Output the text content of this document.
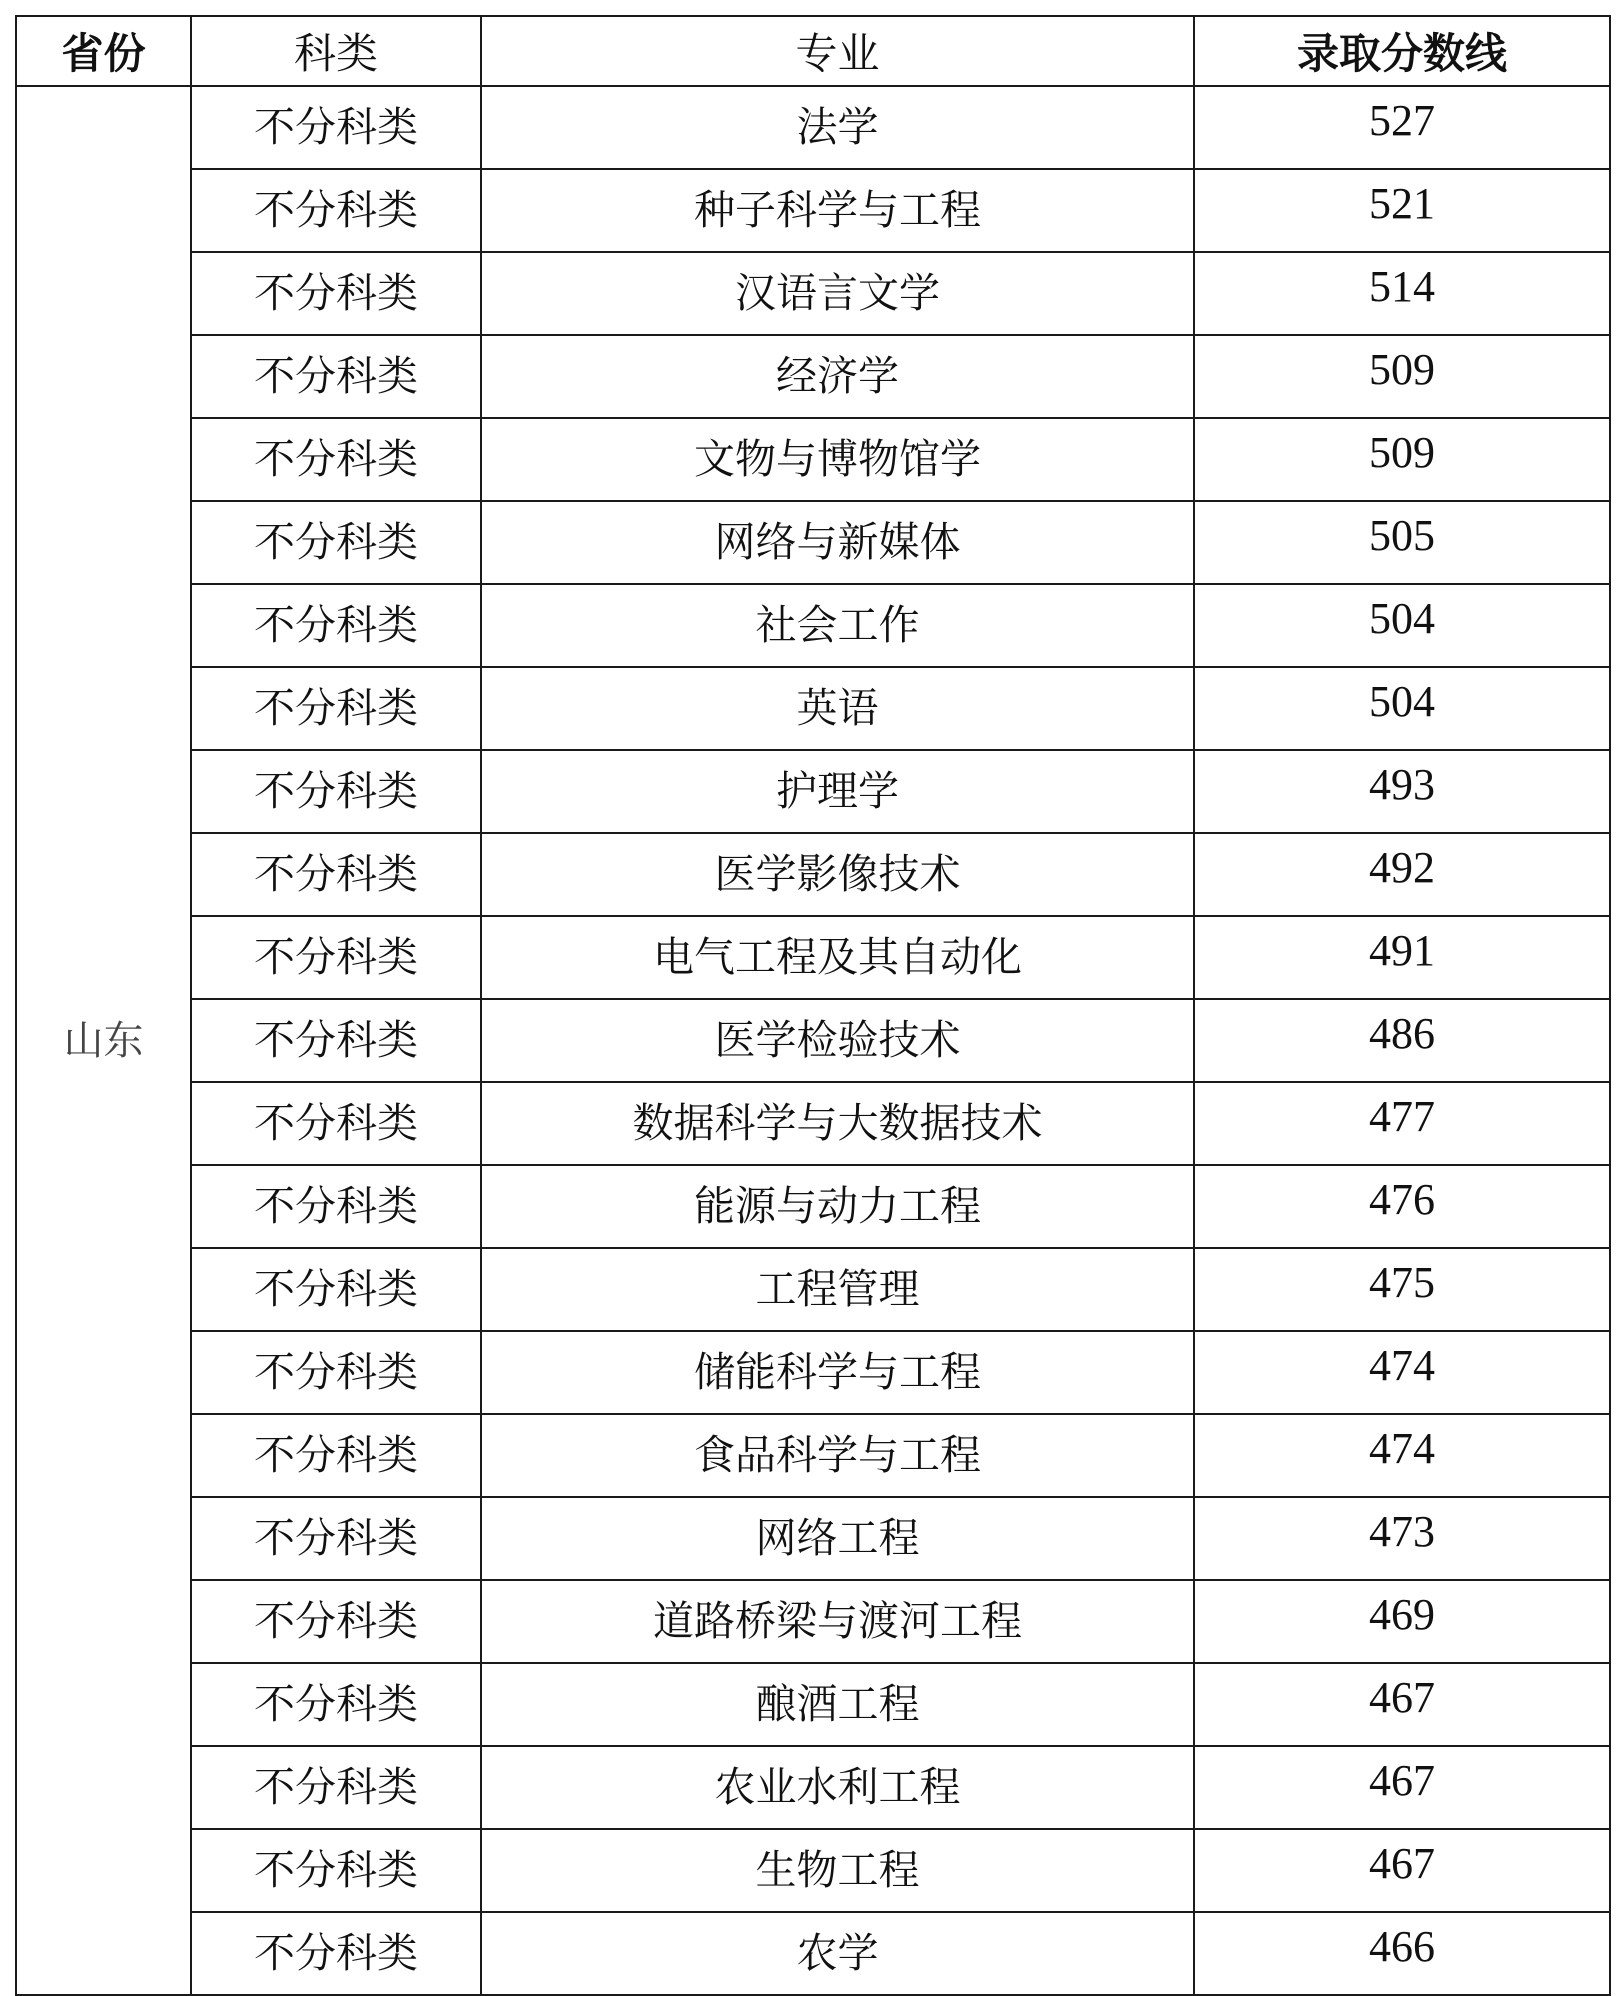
省份	科类	专业	录取分数线
山东	不分科类	法学	527
	不分科类	种子科学与工程	521
	不分科类	汉语言文学	514
	不分科类	经济学	509
	不分科类	文物与博物馆学	509
	不分科类	网络与新媒体	505
	不分科类	社会工作	504
	不分科类	英语	504
	不分科类	护理学	493
	不分科类	医学影像技术	492
	不分科类	电气工程及其自动化	491
	不分科类	医学检验技术	486
	不分科类	数据科学与大数据技术	477
	不分科类	能源与动力工程	476
	不分科类	工程管理	475
	不分科类	储能科学与工程	474
	不分科类	食品科学与工程	474
	不分科类	网络工程	473
	不分科类	道路桥梁与渡河工程	469
	不分科类	酿酒工程	467
	不分科类	农业水利工程	467
	不分科类	生物工程	467
	不分科类	农学	466
